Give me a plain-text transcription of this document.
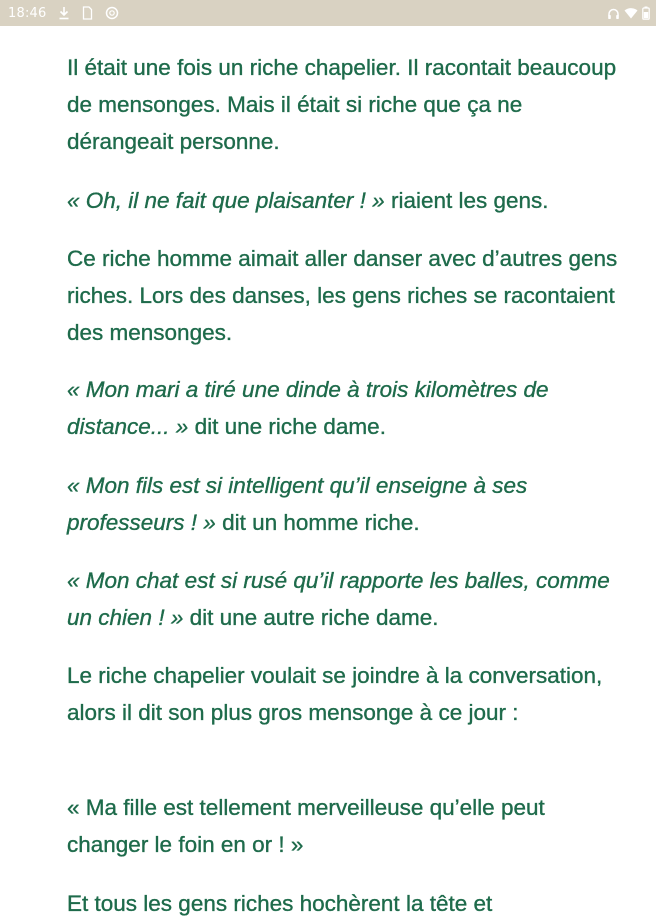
18:46

Il était une fois un riche chapelier. Il racontait beaucoup de mensonges. Mais il était si riche que ça ne dérangeait personne.

« Oh, il ne fait que plaisanter ! » riaient les gens.

Ce riche homme aimait aller danser avec d’autres gens riches. Lors des danses, les gens riches se racontaient des mensonges.

« Mon mari a tiré une dinde à trois kilomètres de distance... » dit une riche dame.

« Mon fils est si intelligent qu’il enseigne à ses professeurs ! » dit un homme riche.

« Mon chat est si rusé qu’il rapporte les balles, comme un chien ! » dit une autre riche dame.

Le riche chapelier voulait se joindre à la conversation, alors il dit son plus gros mensonge à ce jour :

« Ma fille est tellement merveilleuse qu’elle peut changer le foin en or ! »

Et tous les gens riches hochèrent la tête et
